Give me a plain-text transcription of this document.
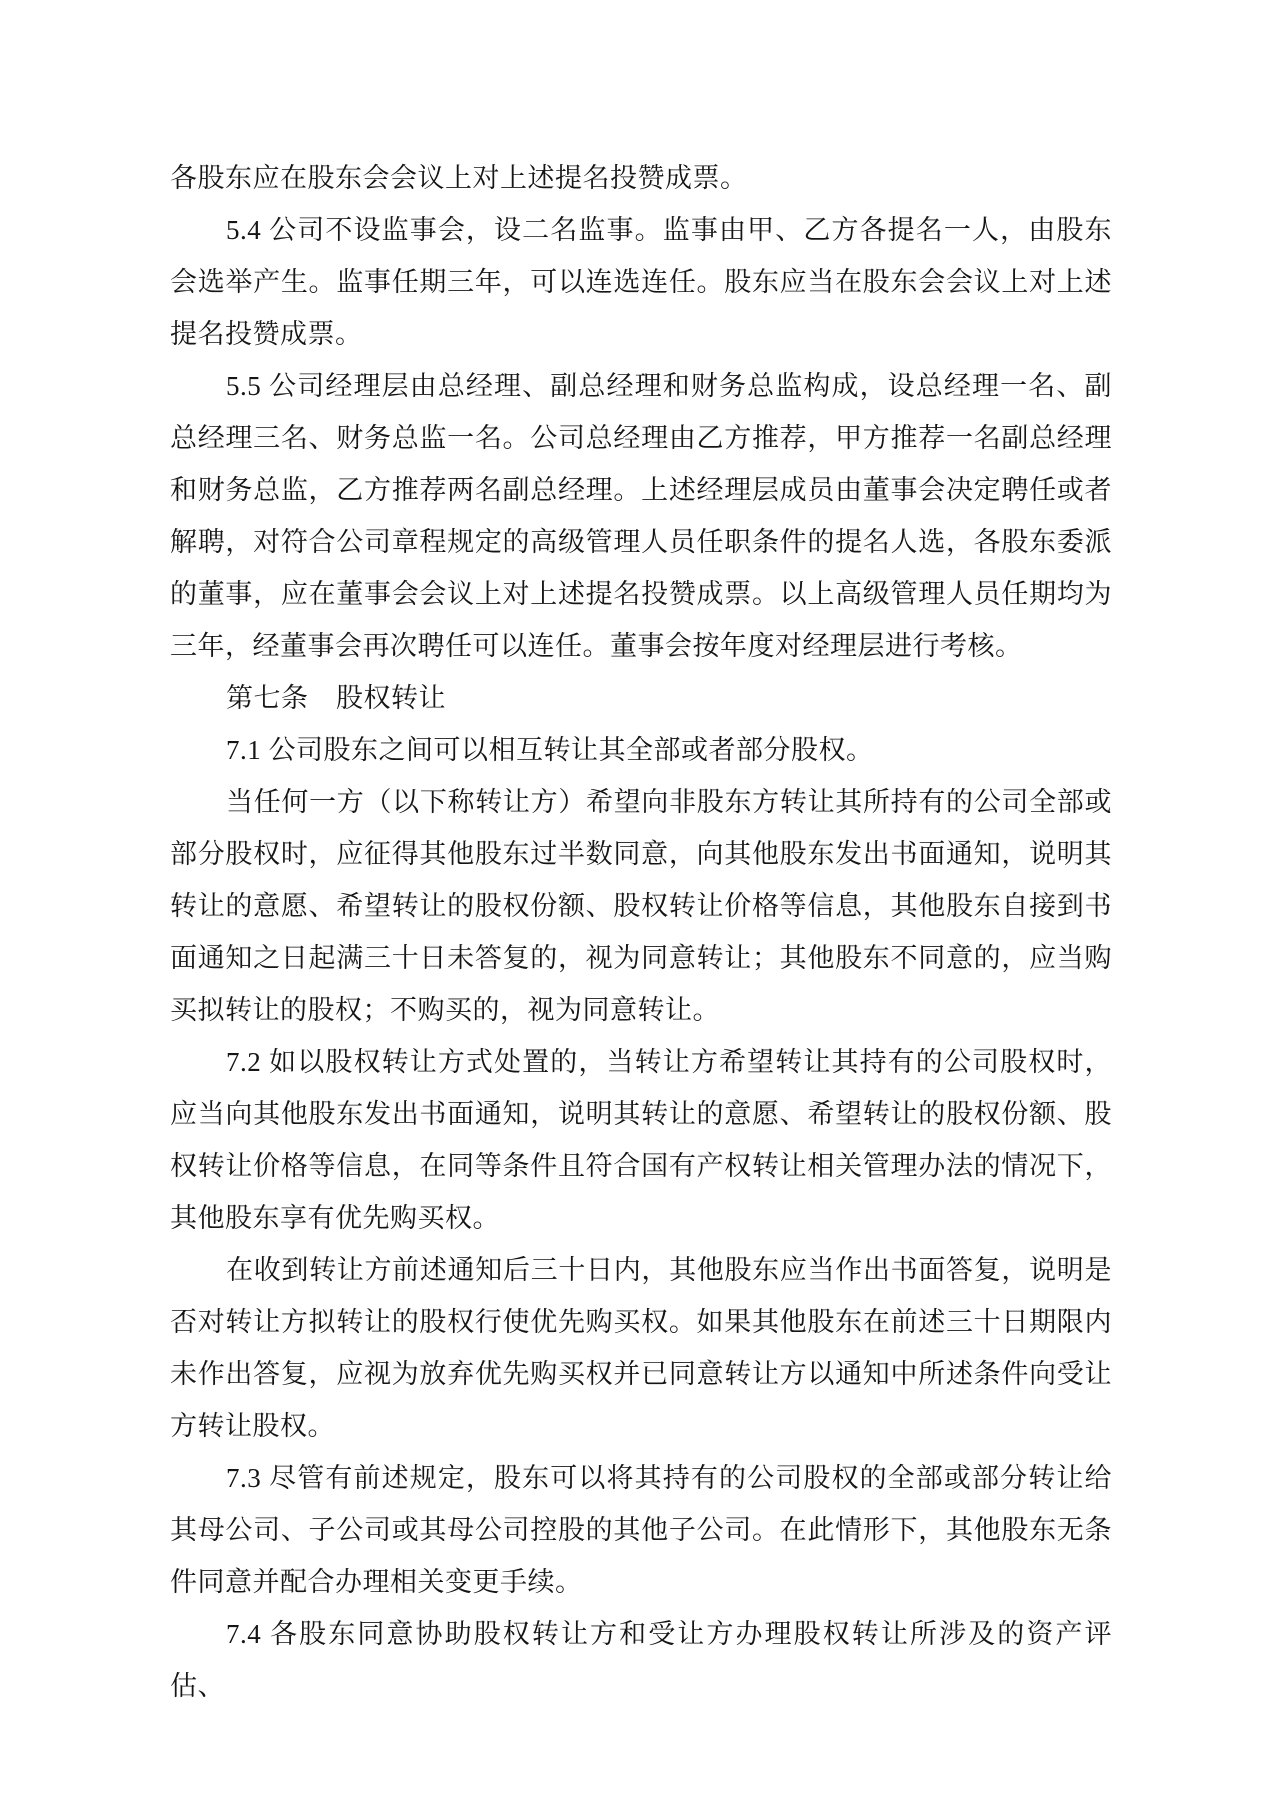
各股东应在股东会会议上对上述提名投赞成票。

5.4 公司不设监事会，设二名监事。监事由甲、乙方各提名一人，由股东会选举产生。监事任期三年，可以连选连任。股东应当在股东会会议上对上述提名投赞成票。

5.5 公司经理层由总经理、副总经理和财务总监构成，设总经理一名、副总经理三名、财务总监一名。公司总经理由乙方推荐，甲方推荐一名副总经理和财务总监，乙方推荐两名副总经理。上述经理层成员由董事会决定聘任或者解聘，对符合公司章程规定的高级管理人员任职条件的提名人选，各股东委派的董事，应在董事会会议上对上述提名投赞成票。以上高级管理人员任期均为三年，经董事会再次聘任可以连任。董事会按年度对经理层进行考核。

第七条　股权转让

7.1 公司股东之间可以相互转让其全部或者部分股权。

当任何一方（以下称转让方）希望向非股东方转让其所持有的公司全部或部分股权时，应征得其他股东过半数同意，向其他股东发出书面通知，说明其转让的意愿、希望转让的股权份额、股权转让价格等信息，其他股东自接到书面通知之日起满三十日未答复的，视为同意转让；其他股东不同意的，应当购买拟转让的股权；不购买的，视为同意转让。

7.2 如以股权转让方式处置的，当转让方希望转让其持有的公司股权时，应当向其他股东发出书面通知，说明其转让的意愿、希望转让的股权份额、股权转让价格等信息，在同等条件且符合国有产权转让相关管理办法的情况下，其他股东享有优先购买权。

在收到转让方前述通知后三十日内，其他股东应当作出书面答复，说明是否对转让方拟转让的股权行使优先购买权。如果其他股东在前述三十日期限内未作出答复，应视为放弃优先购买权并已同意转让方以通知中所述条件向受让方转让股权。

7.3 尽管有前述规定，股东可以将其持有的公司股权的全部或部分转让给其母公司、子公司或其母公司控股的其他子公司。在此情形下，其他股东无条件同意并配合办理相关变更手续。

7.4 各股东同意协助股权转让方和受让方办理股权转让所涉及的资产评估、
